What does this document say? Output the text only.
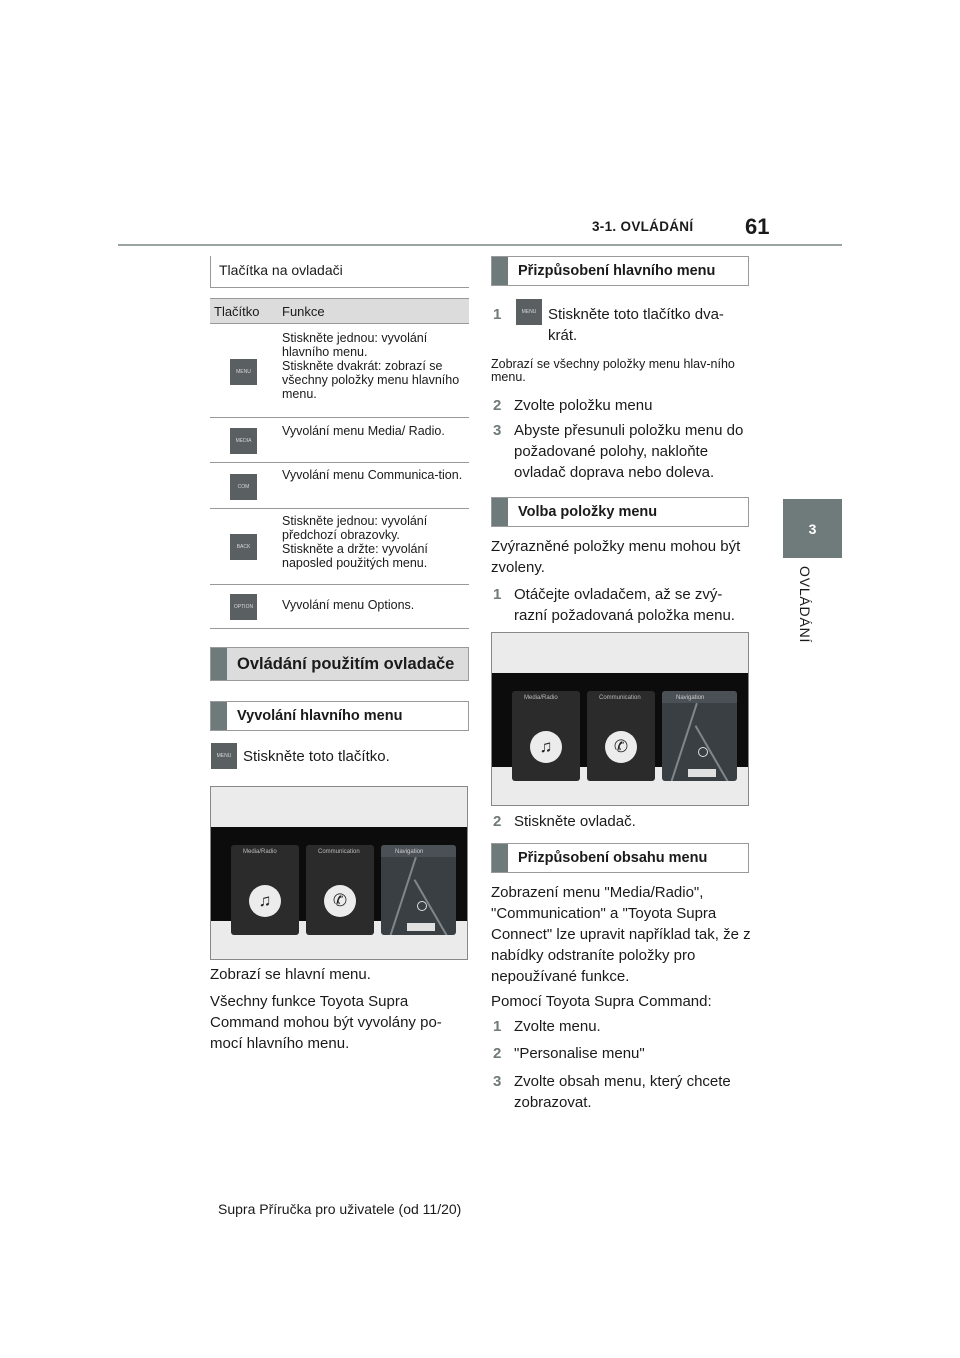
3-1. OVLÁDÁNÍ 61
3
OVLÁDÁNÍ
Tlačítka na ovladači
Tlačítko Funkce
MENU
Stiskněte jednou: vyvolání hlavního menu.
Stiskněte dvakrát: zobrazí se všechny položky menu hlavního menu.
MEDIA
Vyvolání menu Media/ Radio.
COM
Vyvolání menu Communica-tion.
BACK
Stiskněte jednou: vyvolání předchozí obrazovky.
Stiskněte a držte: vyvolání naposled použitých menu.
OPTION	Vyvolání menu Options.
Ovládání použitím ovladače
Vyvolání hlavního menu
MENU Stiskněte toto tlačítko.
Media/Radio
♫
Communication
✆
Navigation
Zobrazí se hlavní menu.
Všechny funkce Toyota Supra Command mohou být vyvolány po-mocí hlavního menu.
Přizpůsobení hlavního menu
1	MENU Stiskněte toto tlačítko dva-krát.
Zobrazí se všechny položky menu hlav-ního menu.
2 Zvolte položku menu
3 Abyste přesunuli položku menu do požadované polohy, nakloňte ovladač doprava nebo doleva.
Volba položky menu
Zvýrazněné položky menu mohou být zvoleny.
1 Otáčejte ovladačem, až se zvý-razní požadovaná položka menu.
Media/Radio
♫
Communication
✆
Navigation
2 Stiskněte ovladač.
Přizpůsobení obsahu menu
Zobrazení menu "Media/Radio", "Communication" a "Toyota Supra Connect" lze upravit například tak, že z nabídky odstraníte položky pro nepoužívané funkce.
Pomocí Toyota Supra Command:
1 Zvolte menu.
2 "Personalise menu"
3 Zvolte obsah menu, který chcete zobrazovat.
Supra Příručka pro uživatele (od 11/20)
